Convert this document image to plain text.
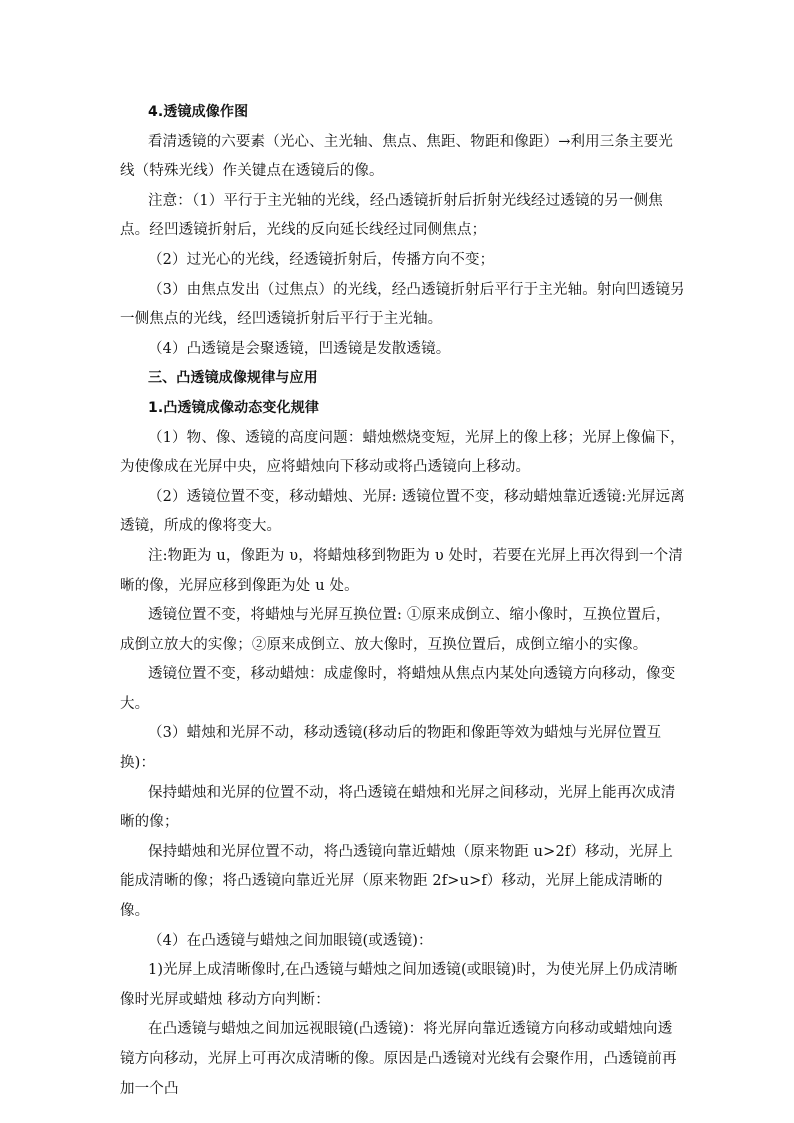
4.透镜成像作图

看清透镜的六要素（光心、主光轴、焦点、焦距、物距和像距）→利用三条主要光线（特殊光线）作关键点在透镜后的像。

注意：（1）平行于主光轴的光线，经凸透镜折射后折射光线经过透镜的另一侧焦点。经凹透镜折射后，光线的反向延长线经过同侧焦点；

（2）过光心的光线，经透镜折射后，传播方向不变；

（3）由焦点发出（过焦点）的光线，经凸透镜折射后平行于主光轴。射向凹透镜另一侧焦点的光线，经凹透镜折射后平行于主光轴。

（4）凸透镜是会聚透镜，凹透镜是发散透镜。

三、凸透镜成像规律与应用

1.凸透镜成像动态变化规律

（1）物、像、透镜的高度问题：蜡烛燃烧变短，光屏上的像上移；光屏上像偏下，为使像成在光屏中央，应将蜡烛向下移动或将凸透镜向上移动。

（2）透镜位置不变，移动蜡烛、光屏: 透镜位置不变，移动蜡烛靠近透镜:光屏远离透镜，所成的像将变大。

注:物距为 u，像距为 υ，将蜡烛移到物距为 υ 处时，若要在光屏上再次得到一个清晰的像，光屏应移到像距为处 u 处。

透镜位置不变，将蜡烛与光屏互换位置: ①原来成倒立、缩小像时，互换位置后，成倒立放大的实像；②原来成倒立、放大像时，互换位置后，成倒立缩小的实像。

透镜位置不变，移动蜡烛：成虚像时，将蜡烛从焦点内某处向透镜方向移动，像变大。

（3）蜡烛和光屏不动，移动透镜(移动后的物距和像距等效为蜡烛与光屏位置互换)：

保持蜡烛和光屏的位置不动，将凸透镜在蜡烛和光屏之间移动，光屏上能再次成清晰的像；

保持蜡烛和光屏位置不动，将凸透镜向靠近蜡烛（原来物距 u>2f）移动，光屏上能成清晰的像；将凸透镜向靠近光屏（原来物距 2f>u>f）移动，光屏上能成清晰的像。

（4）在凸透镜与蜡烛之间加眼镜(或透镜)：

1)光屏上成清晰像时,在凸透镜与蜡烛之间加透镜(或眼镜)时，为使光屏上仍成清晰像时光屏或蜡烛 移动方向判断：

在凸透镜与蜡烛之间加远视眼镜(凸透镜)：将光屏向靠近透镜方向移动或蜡烛向透镜方向移动，光屏上可再次成清晰的像。原因是凸透镜对光线有会聚作用，凸透镜前再加一个凸
